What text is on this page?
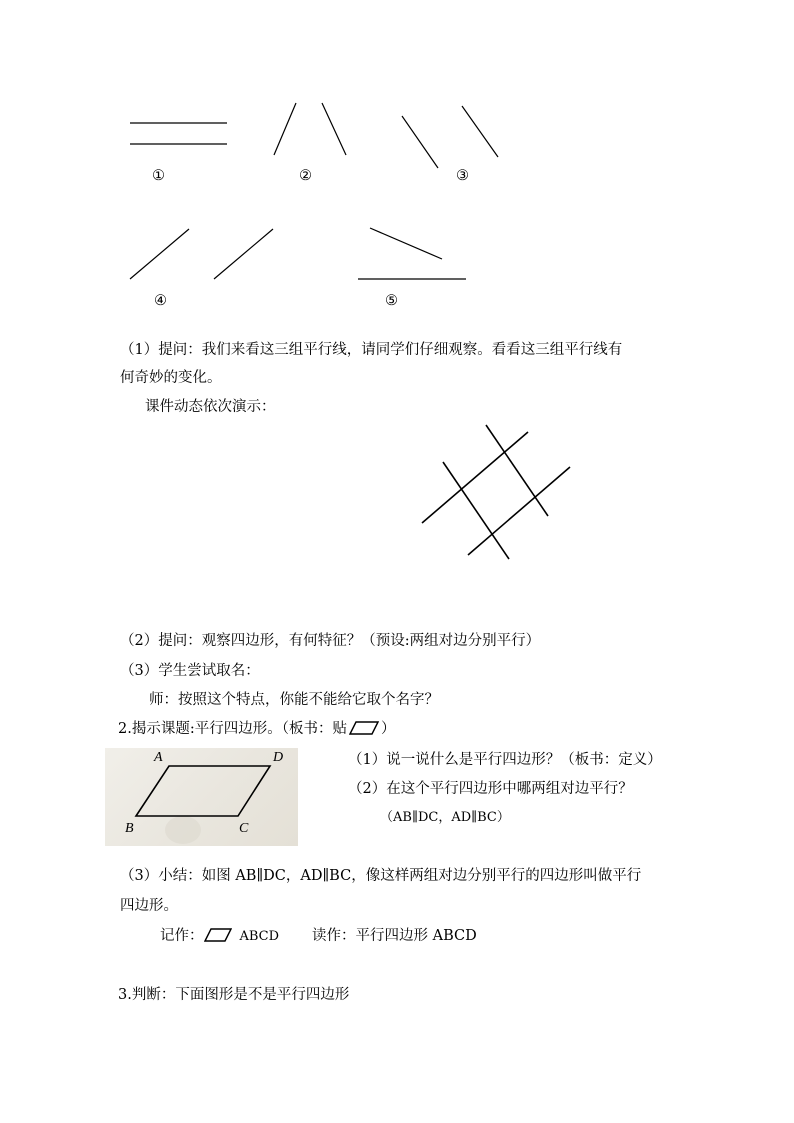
①	②	③
④	⑤
（1）提问：我们来看这三组平行线，请同学们仔细观察。看看这三组平行线有
何奇妙的变化。
课件动态依次演示：
（2）提问：观察四边形，有何特征？（预设:两组对边分别平行）
（3）学生尝试取名：
师：按照这个特点，你能不能给它取个名字？
2.揭示课题:平行四边形。（板书：贴 ）
A	D
B	C
（1）说一说什么是平行四边形？（板书：定义）
（2）在这个平行四边形中哪两组对边平行？
（AB∥DC，AD∥BC）
（3）小结：如图 AB∥DC，AD∥BC，像这样两组对边分别平行的四边形叫做平行
四边形。
记作：	ABCD 读作：平行四边形 ABCD
3.判断：下面图形是不是平行四边形
